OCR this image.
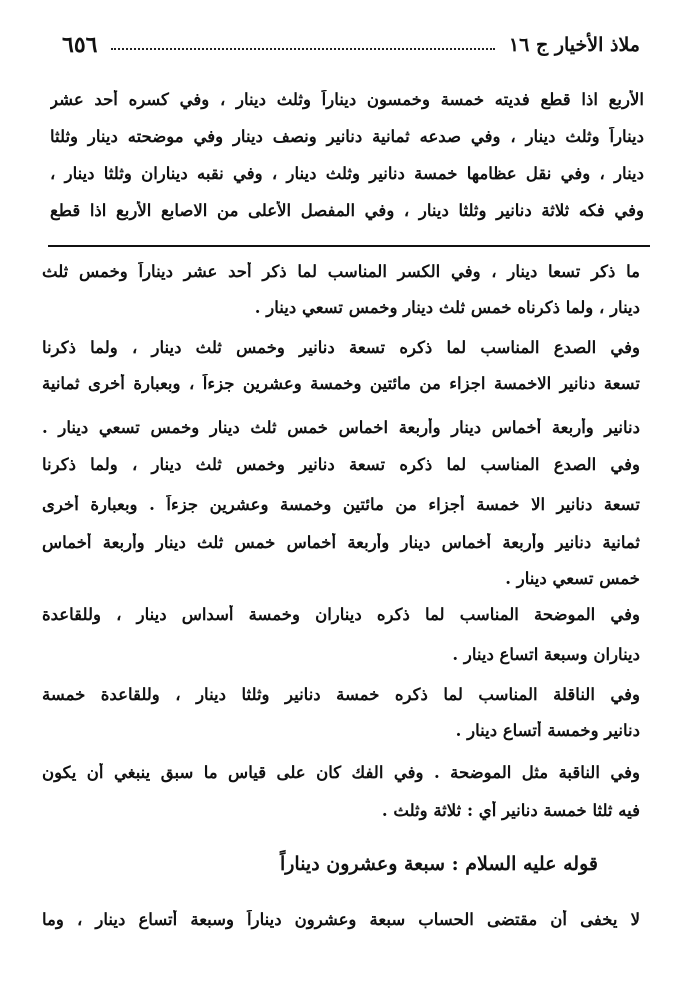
٦٥٦	ملاذ الأخيار ج ١٦
الأربع اذا قطع فديته خمسة وخمسون ديناراً وثلث دينار ، وفي كسره أحد عشر
ديناراً وثلث دينار ، وفي صدعه ثمانية دنانير ونصف دينار وفي موضحته دينار وثلثا
دينار ، وفي نقل عظامها خمسة دنانير وثلث دينار ، وفي نقبه ديناران وثلثا دينار ،
وفي فكه ثلاثة دنانير وثلثا دينار ، وفي المفصل الأعلى من الاصابع الأربع اذا قطع
ما ذكر تسعا دينار ، وفي الكسر المناسب لما ذكر أحد عشر ديناراً وخمس ثلث
دينار ، ولما ذكرناه خمس ثلث دينار وخمس تسعي دينار .
وفي الصدع المناسب لما ذكره تسعة دنانير وخمس ثلث دينار ، ولما ذكرنا
تسعة دنانير الاخمسة اجزاء من مائتين وخمسة وعشرين جزءاً ، وبعبارة أخرى ثمانية
دنانير وأربعة أخماس دينار وأربعة اخماس خمس ثلث دينار وخمس تسعي دينار .
وفي الصدع المناسب لما ذكره تسعة دنانير وخمس ثلث دينار ، ولما ذكرنا
تسعة دنانير الا خمسة أجزاء من مائتين وخمسة وعشرين جزءاً . وبعبارة أخرى
ثمانية دنانير وأربعة أخماس دينار وأربعة أخماس خمس ثلث دينار وأربعة أخماس
خمس تسعي دينار .
وفي الموضحة المناسب لما ذكره ديناران وخمسة أسداس دينار ، وللقاعدة
ديناران وسبعة اتساع دينار .
وفي الناقلة المناسب لما ذكره خمسة دنانير وثلثا دينار ، وللقاعدة خمسة
دنانير وخمسة أتساع دينار .
وفي الناقبة مثل الموضحة . وفي الفك كان على قياس ما سبق ينبغي أن يكون
فيه ثلثا خمسة دنانير أي : ثلاثة وثلث .
قوله عليه السلام : سبعة وعشرون ديناراً
لا يخفى أن مقتضى الحساب سبعة وعشرون ديناراً وسبعة أتساع دينار ، وما
